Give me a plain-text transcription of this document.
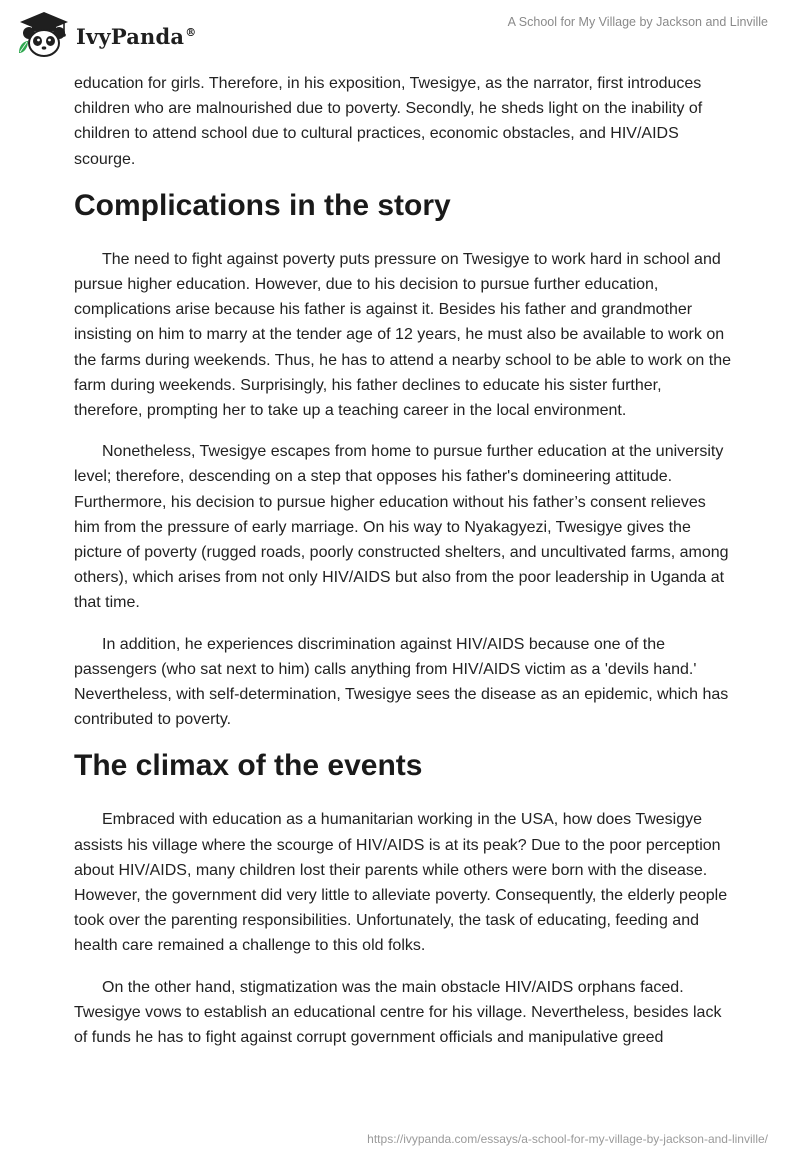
IvyPanda®
A School for My Village by Jackson and Linville

education for girls. Therefore, in his exposition, Twesigye, as the narrator, first introduces children who are malnourished due to poverty. Secondly, he sheds light on the inability of children to attend school due to cultural practices, economic obstacles, and HIV/AIDS scourge.

Complications in the story

The need to fight against poverty puts pressure on Twesigye to work hard in school and pursue higher education. However, due to his decision to pursue further education, complications arise because his father is against it. Besides his father and grandmother insisting on him to marry at the tender age of 12 years, he must also be available to work on the farms during weekends. Thus, he has to attend a nearby school to be able to work on the farm during weekends. Surprisingly, his father declines to educate his sister further, therefore, prompting her to take up a teaching career in the local environment.

Nonetheless, Twesigye escapes from home to pursue further education at the university level; therefore, descending on a step that opposes his father's domineering attitude. Furthermore, his decision to pursue higher education without his father’s consent relieves him from the pressure of early marriage. On his way to Nyakagyezi, Twesigye gives the picture of poverty (rugged roads, poorly constructed shelters, and uncultivated farms, among others), which arises from not only HIV/AIDS but also from the poor leadership in Uganda at that time.

In addition, he experiences discrimination against HIV/AIDS because one of the passengers (who sat next to him) calls anything from HIV/AIDS victim as a 'devils hand.' Nevertheless, with self-determination, Twesigye sees the disease as an epidemic, which has contributed to poverty.

The climax of the events

Embraced with education as a humanitarian working in the USA, how does Twesigye assists his village where the scourge of HIV/AIDS is at its peak? Due to the poor perception about HIV/AIDS, many children lost their parents while others were born with the disease. However, the government did very little to alleviate poverty. Consequently, the elderly people took over the parenting responsibilities. Unfortunately, the task of educating, feeding and health care remained a challenge to this old folks.

On the other hand, stigmatization was the main obstacle HIV/AIDS orphans faced. Twesigye vows to establish an educational centre for his village. Nevertheless, besides lack of funds he has to fight against corrupt government officials and manipulative greed

https://ivypanda.com/essays/a-school-for-my-village-by-jackson-and-linville/
